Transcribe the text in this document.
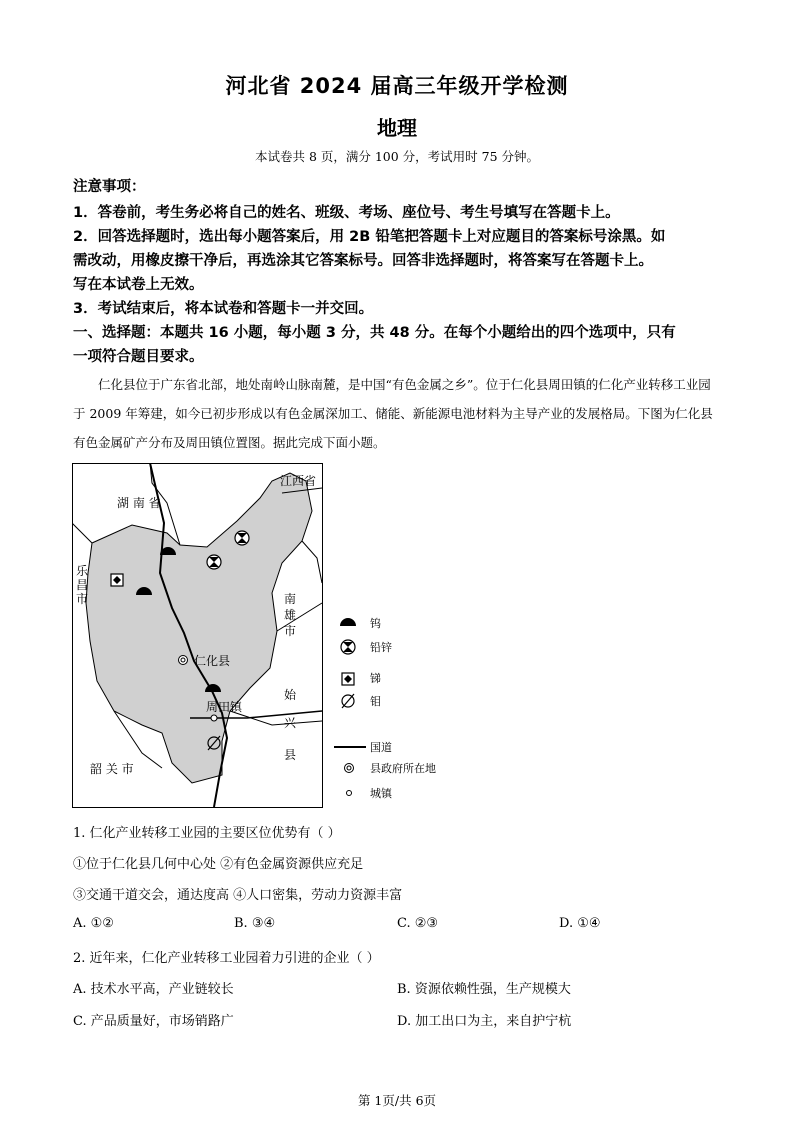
河北省 2024 届高三年级开学检测
地理
本试卷共 8 页，满分 100 分，考试用时 75 分钟。
注意事项：
1．答卷前，考生务必将自己的姓名、班级、考场、座位号、考生号填写在答题卡上。
2．回答选择题时，选出每小题答案后，用 2B 铅笔把答题卡上对应题目的答案标号涂黑。如
需改动，用橡皮擦干净后，再选涂其它答案标号。回答非选择题时，将答案写在答题卡上。
写在本试卷上无效。
3．考试结束后，将本试卷和答题卡一并交回。
一、选择题：本题共 16 小题，每小题 3 分，共 48 分。在每个小题给出的四个选项中，只有
一项符合题目要求。
仁化县位于广东省北部，地处南岭山脉南麓，是中国“有色金属之乡”。位于仁化县周田镇的仁化产业转移工业园于 2009 年筹建，如今已初步形成以有色金属深加工、储能、新能源电池材料为主导产业的发展格局。下图为仁化县有色金属矿产分布及周田镇位置图。据此完成下面小题。
湖 南 省
江西省
乐
昌
市	南
雄
市
始
兴
县
韶 关 市
仁化县
周田镇
钨
铅锌
锑
钼
国道
县政府所在地
城镇
1. 仁化产业转移工业园的主要区位优势有（ ）
①位于仁化县几何中心处 ②有色金属资源供应充足
③交通干道交会，通达度高 ④人口密集，劳动力资源丰富
A. ①②	B. ③④	C. ②③	D. ①④
2. 近年来，仁化产业转移工业园着力引进的企业（ ）
A. 技术水平高，产业链较长	B. 资源依赖性强，生产规模大
C. 产品质量好，市场销路广	D. 加工出口为主，来自护宁杭
第 1页/共 6页
